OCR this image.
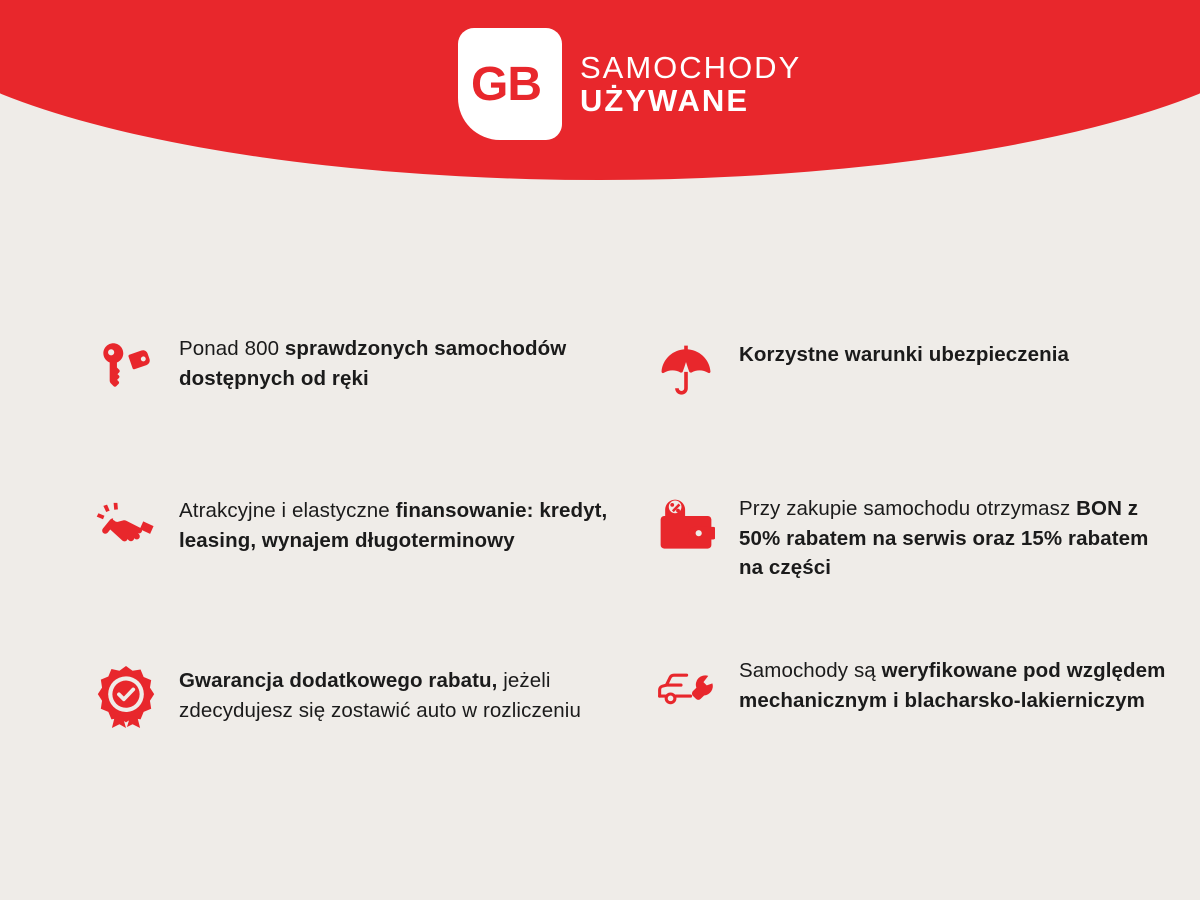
GB SAMOCHODY
UŻYWANE
Ponad 800 sprawdzonych samochodów dostępnych od ręki
Atrakcyjne i elastyczne finansowanie: kredyt, leasing, wynajem długoterminowy
Gwarancja dodatkowego rabatu, jeżeli zdecydujesz się zostawić auto w rozliczeniu
Korzystne warunki ubezpieczenia
Przy zakupie samochodu otrzymasz BON z 50% rabatem na serwis oraz 15% rabatem na części
Samochody są weryfikowane pod względem mechanicznym i blacharsko-lakierniczym
